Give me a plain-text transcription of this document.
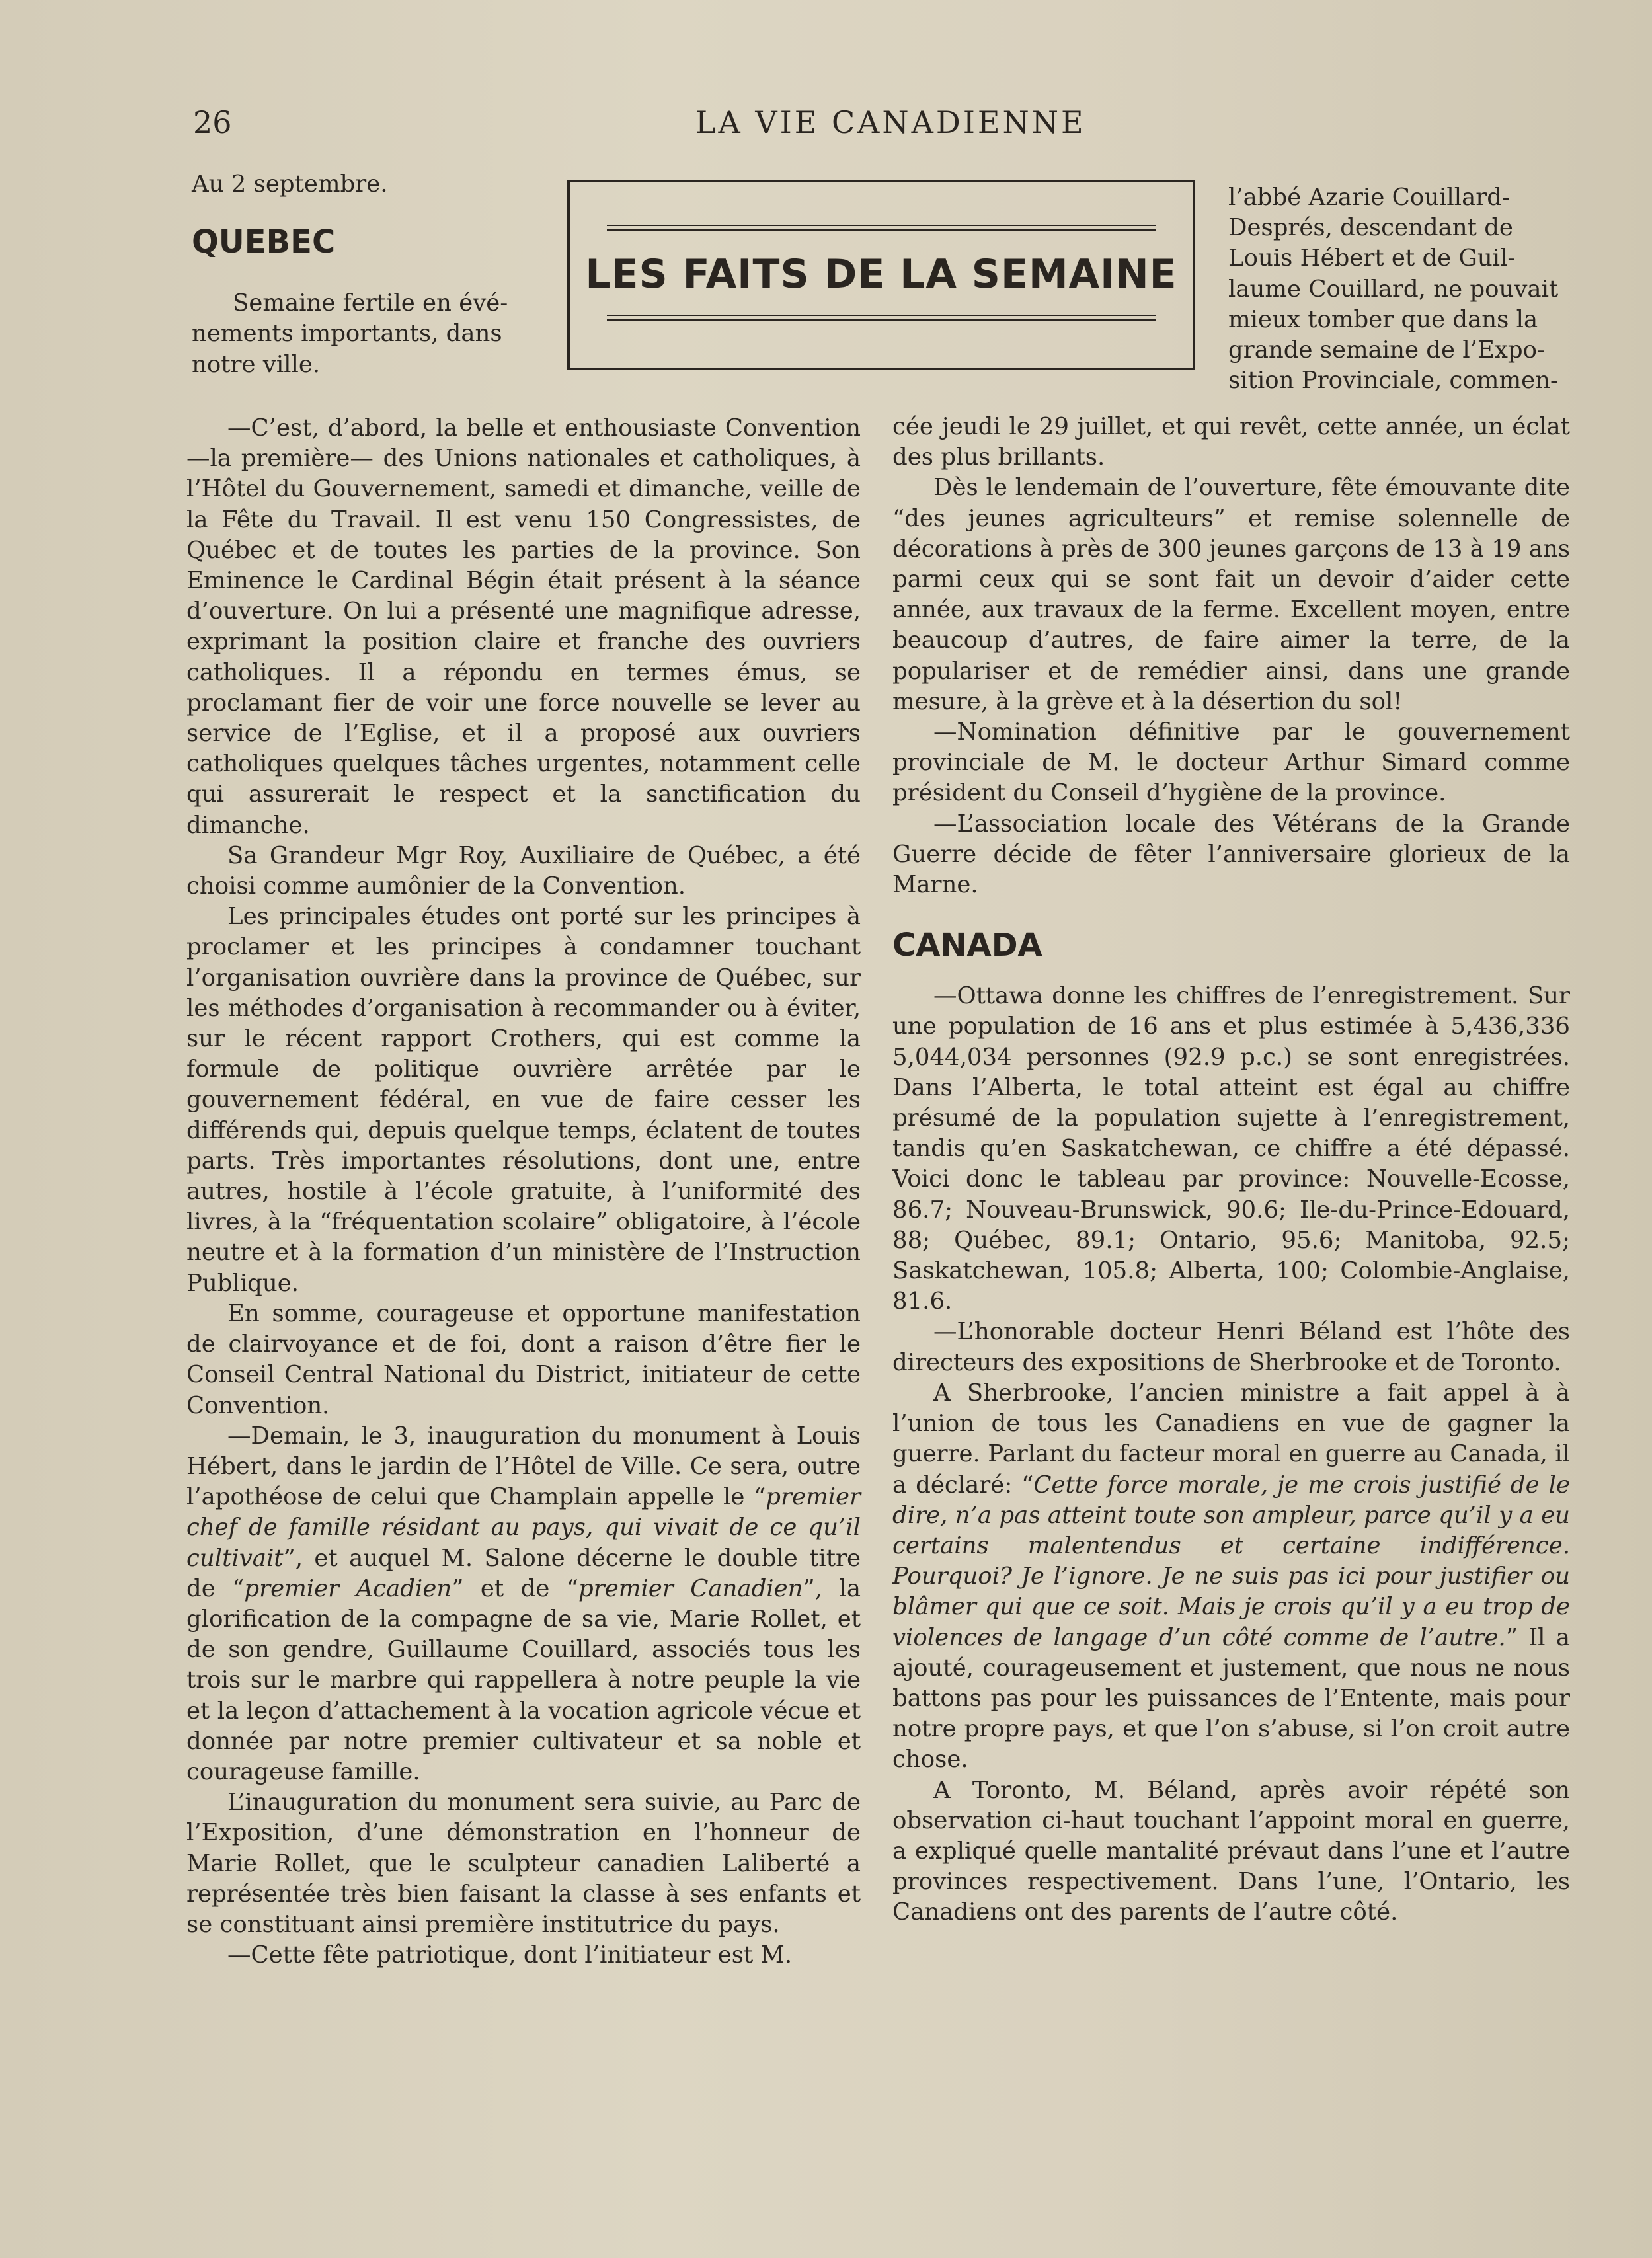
26	LA VIE CANADIENNE
LES FAITS DE LA SEMAINE

Au 2 septembre.

QUEBEC

Semaine fertile en évé-

nements importants, dans

notre ville.

—C’est, d’abord, la belle et enthousiaste Convention—la première— des Unions nationales et catholiques, à l’Hôtel du Gouvernement, samedi et dimanche, veille de la Fête du Travail. Il est venu 150 Congressistes, de Québec et de toutes les parties de la province. Son Eminence le Cardinal Bégin était présent à la séance d’ouverture. On lui a présenté une magnifique adresse, exprimant la position claire et franche des ouvriers catholiques. Il a répondu en termes émus, se proclamant fier de voir une force nouvelle se lever au service de l’Eglise, et il a proposé aux ouvriers catholiques quelques tâches urgentes, notamment celle qui assurerait le respect et la sanctification du dimanche.

Sa Grandeur Mgr Roy, Auxiliaire de Québec, a été choisi comme aumônier de la Convention.

Les principales études ont porté sur les principes à proclamer et les principes à condamner touchant l’organisation ouvrière dans la province de Québec, sur les méthodes d’organisation à recommander ou à éviter, sur le récent rapport Crothers, qui est comme la formule de politique ouvrière arrêtée par le gouvernement fédéral, en vue de faire cesser les différends qui, depuis quelque temps, éclatent de toutes parts. Très importantes résolutions, dont une, entre autres, hostile à l’école gratuite, à l’uniformité des livres, à la “fréquentation scolaire” obligatoire, à l’école neutre et à la formation d’un ministère de l’Instruction Publique.

En somme, courageuse et opportune manifestation de clairvoyance et de foi, dont a raison d’être fier le Conseil Central National du District, initiateur de cette Convention.

—Demain, le 3, inauguration du monument à Louis Hébert, dans le jardin de l’Hôtel de Ville. Ce sera, outre l’apothéose de celui que Champlain appelle le “premier chef de famille résidant au pays, qui vivait de ce qu’il cultivait”, et auquel M. Salone décerne le double titre de “premier Acadien” et de “premier Canadien”, la glorification de la compagne de sa vie, Marie Rollet, et de son gendre, Guillaume Couillard, associés tous les trois sur le marbre qui rappellera à notre peuple la vie et la leçon d’attachement à la vocation agricole vécue et donnée par notre premier cultivateur et sa noble et courageuse famille.

L’inauguration du monument sera suivie, au Parc de l’Exposition, d’une démonstration en l’honneur de Marie Rollet, que le sculpteur canadien Laliberté a représentée très bien faisant la classe à ses enfants et se constituant ainsi première institutrice du pays.

—Cette fête patriotique, dont l’initiateur est M.

l’abbé Azarie Couillard-

Després, descendant de

Louis Hébert et de Guil-

laume Couillard, ne pouvait

mieux tomber que dans la

grande semaine de l’Expo-

sition Provinciale, commen-

cée jeudi le 29 juillet, et qui revêt, cette année, un éclat des plus brillants.

Dès le lendemain de l’ouverture, fête émouvante dite “des jeunes agriculteurs” et remise solennelle de décorations à près de 300 jeunes garçons de 13 à 19 ans parmi ceux qui se sont fait un devoir d’aider cette année, aux travaux de la ferme. Excellent moyen, entre beaucoup d’autres, de faire aimer la terre, de la populariser et de remédier ainsi, dans une grande mesure, à la grève et à la désertion du sol!

—Nomination définitive par le gouvernement provinciale de M. le docteur Arthur Simard comme président du Conseil d’hygiène de la province.

—L’association locale des Vétérans de la Grande Guerre décide de fêter l’anniversaire glorieux de la Marne.

CANADA

—Ottawa donne les chiffres de l’enregistrement. Sur une population de 16 ans et plus estimée à 5,436,336 5,044,034 personnes (92.9 p.c.) se sont enregistrées. Dans l’Alberta, le total atteint est égal au chiffre présumé de la population sujette à l’enregistrement, tandis qu’en Saskatchewan, ce chiffre a été dépassé. Voici donc le tableau par province: Nouvelle-Ecosse, 86.7; Nouveau-Brunswick, 90.6; Ile-du-Prince-Edouard, 88; Québec, 89.1; Ontario, 95.6; Manitoba, 92.5; Saskatchewan, 105.8; Alberta, 100; Colombie-Anglaise, 81.6.

—L’honorable docteur Henri Béland est l’hôte des directeurs des expositions de Sherbrooke et de Toronto.

A Sherbrooke, l’ancien ministre a fait appel à à l’union de tous les Canadiens en vue de gagner la guerre. Parlant du facteur moral en guerre au Canada, il a déclaré: “Cette force morale, je me crois justifié de le dire, n’a pas atteint toute son ampleur, parce qu’il y a eu certains malentendus et certaine indifférence. Pourquoi? Je l’ignore. Je ne suis pas ici pour justifier ou blâmer qui que ce soit. Mais je crois qu’il y a eu trop de violences de langage d’un côté comme de l’autre.” Il a ajouté, courageusement et justement, que nous ne nous battons pas pour les puissances de l’Entente, mais pour notre propre pays, et que l’on s’abuse, si l’on croit autre chose.

A Toronto, M. Béland, après avoir répété son observation ci-haut touchant l’appoint moral en guerre, a expliqué quelle mantalité prévaut dans l’une et l’autre provinces respectivement. Dans l’une, l’Ontario, les Canadiens ont des parents de l’autre côté.
